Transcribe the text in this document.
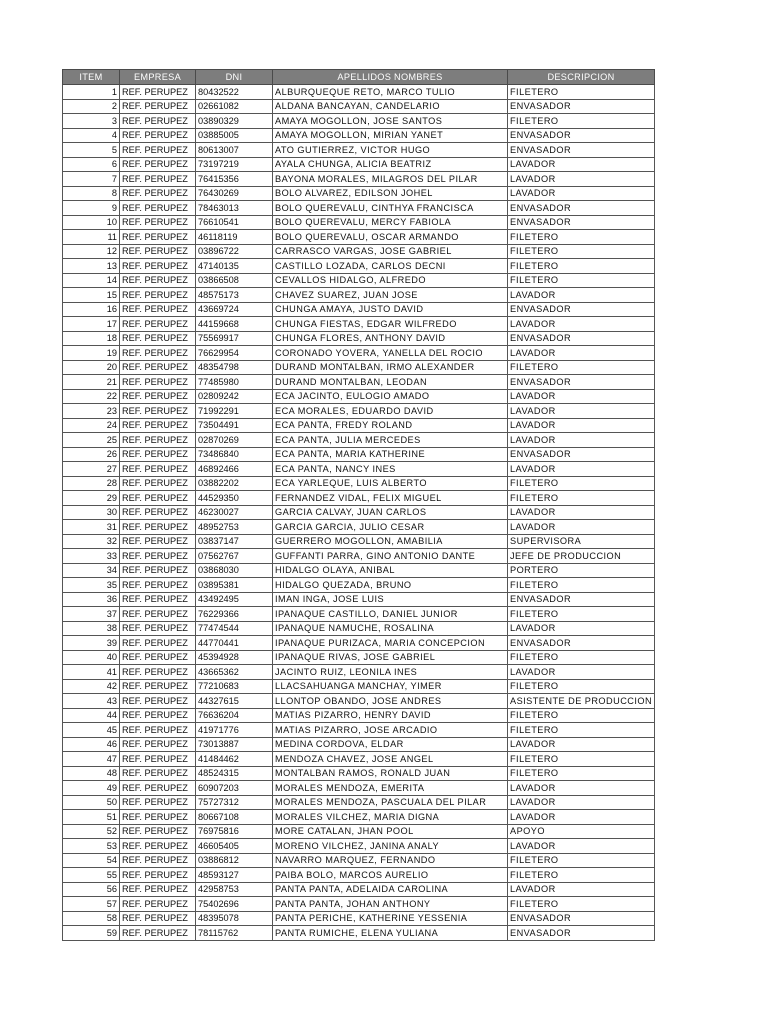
ITEM	EMPRESA	DNI	APELLIDOS NOMBRES	DESCRIPCION
1	REF. PERUPEZ	80432522	ALBURQUEQUE RETO, MARCO TULIO	FILETERO
2	REF. PERUPEZ	02661082	ALDANA BANCAYAN, CANDELARIO	ENVASADOR
3	REF. PERUPEZ	03890329	AMAYA MOGOLLON, JOSE SANTOS	FILETERO
4	REF. PERUPEZ	03885005	AMAYA MOGOLLON, MIRIAN YANET	ENVASADOR
5	REF. PERUPEZ	80613007	ATO GUTIERREZ, VICTOR HUGO	ENVASADOR
6	REF. PERUPEZ	73197219	AYALA CHUNGA, ALICIA BEATRIZ	LAVADOR
7	REF. PERUPEZ	76415356	BAYONA MORALES, MILAGROS DEL PILAR	LAVADOR
8	REF. PERUPEZ	76430269	BOLO ALVAREZ, EDILSON JOHEL	LAVADOR
9	REF. PERUPEZ	78463013	BOLO QUEREVALU, CINTHYA FRANCISCA	ENVASADOR
10	REF. PERUPEZ	76610541	BOLO QUEREVALU, MERCY FABIOLA	ENVASADOR
11	REF. PERUPEZ	46118119	BOLO QUEREVALU, OSCAR ARMANDO	FILETERO
12	REF. PERUPEZ	03896722	CARRASCO VARGAS, JOSE GABRIEL	FILETERO
13	REF. PERUPEZ	47140135	CASTILLO LOZADA, CARLOS DECNI	FILETERO
14	REF. PERUPEZ	03866508	CEVALLOS HIDALGO, ALFREDO	FILETERO
15	REF. PERUPEZ	48575173	CHAVEZ SUAREZ, JUAN JOSE	LAVADOR
16	REF. PERUPEZ	43669724	CHUNGA AMAYA, JUSTO DAVID	ENVASADOR
17	REF. PERUPEZ	44159668	CHUNGA FIESTAS, EDGAR WILFREDO	LAVADOR
18	REF. PERUPEZ	75569917	CHUNGA FLORES, ANTHONY DAVID	ENVASADOR
19	REF. PERUPEZ	76629954	CORONADO YOVERA, YANELLA DEL ROCIO	LAVADOR
20	REF. PERUPEZ	48354798	DURAND MONTALBAN, IRMO ALEXANDER	FILETERO
21	REF. PERUPEZ	77485980	DURAND MONTALBAN, LEODAN	ENVASADOR
22	REF. PERUPEZ	02809242	ECA JACINTO, EULOGIO AMADO	LAVADOR
23	REF. PERUPEZ	71992291	ECA MORALES, EDUARDO DAVID	LAVADOR
24	REF. PERUPEZ	73504491	ECA PANTA, FREDY ROLAND	LAVADOR
25	REF. PERUPEZ	02870269	ECA PANTA, JULIA MERCEDES	LAVADOR
26	REF. PERUPEZ	73486840	ECA PANTA, MARIA KATHERINE	ENVASADOR
27	REF. PERUPEZ	46892466	ECA PANTA, NANCY INES	LAVADOR
28	REF. PERUPEZ	03882202	ECA YARLEQUE, LUIS ALBERTO	FILETERO
29	REF. PERUPEZ	44529350	FERNANDEZ VIDAL, FELIX MIGUEL	FILETERO
30	REF. PERUPEZ	46230027	GARCIA CALVAY, JUAN CARLOS	LAVADOR
31	REF. PERUPEZ	48952753	GARCIA GARCIA, JULIO CESAR	LAVADOR
32	REF. PERUPEZ	03837147	GUERRERO MOGOLLON, AMABILIA	SUPERVISORA
33	REF. PERUPEZ	07562767	GUFFANTI PARRA, GINO ANTONIO DANTE	JEFE DE PRODUCCION
34	REF. PERUPEZ	03868030	HIDALGO OLAYA, ANIBAL	PORTERO
35	REF. PERUPEZ	03895381	HIDALGO QUEZADA, BRUNO	FILETERO
36	REF. PERUPEZ	43492495	IMAN INGA, JOSE LUIS	ENVASADOR
37	REF. PERUPEZ	76229366	IPANAQUE CASTILLO, DANIEL JUNIOR	FILETERO
38	REF. PERUPEZ	77474544	IPANAQUE NAMUCHE, ROSALINA	LAVADOR
39	REF. PERUPEZ	44770441	IPANAQUE PURIZACA, MARIA CONCEPCION	ENVASADOR
40	REF. PERUPEZ	45394928	IPANAQUE RIVAS, JOSE GABRIEL	FILETERO
41	REF. PERUPEZ	43665362	JACINTO RUIZ, LEONILA INES	LAVADOR
42	REF. PERUPEZ	77210683	LLACSAHUANGA MANCHAY, YIMER	FILETERO
43	REF. PERUPEZ	44327615	LLONTOP OBANDO, JOSE ANDRES	ASISTENTE DE PRODUCCION
44	REF. PERUPEZ	76636204	MATIAS PIZARRO, HENRY DAVID	FILETERO
45	REF. PERUPEZ	41971776	MATIAS PIZARRO, JOSE ARCADIO	FILETERO
46	REF. PERUPEZ	73013887	MEDINA CORDOVA, ELDAR	LAVADOR
47	REF. PERUPEZ	41484462	MENDOZA CHAVEZ, JOSE ANGEL	FILETERO
48	REF. PERUPEZ	48524315	MONTALBAN RAMOS, RONALD JUAN	FILETERO
49	REF. PERUPEZ	60907203	MORALES MENDOZA, EMERITA	LAVADOR
50	REF. PERUPEZ	75727312	MORALES MENDOZA, PASCUALA DEL PILAR	LAVADOR
51	REF. PERUPEZ	80667108	MORALES VILCHEZ, MARIA DIGNA	LAVADOR
52	REF. PERUPEZ	76975816	MORE CATALAN, JHAN POOL	APOYO
53	REF. PERUPEZ	46605405	MORENO VILCHEZ, JANINA ANALY	LAVADOR
54	REF. PERUPEZ	03886812	NAVARRO MARQUEZ, FERNANDO	FILETERO
55	REF. PERUPEZ	48593127	PAIBA BOLO, MARCOS AURELIO	FILETERO
56	REF. PERUPEZ	42958753	PANTA PANTA, ADELAIDA CAROLINA	LAVADOR
57	REF. PERUPEZ	75402696	PANTA PANTA, JOHAN ANTHONY	FILETERO
58	REF. PERUPEZ	48395078	PANTA PERICHE, KATHERINE YESSENIA	ENVASADOR
59	REF. PERUPEZ	78115762	PANTA RUMICHE, ELENA YULIANA	ENVASADOR
